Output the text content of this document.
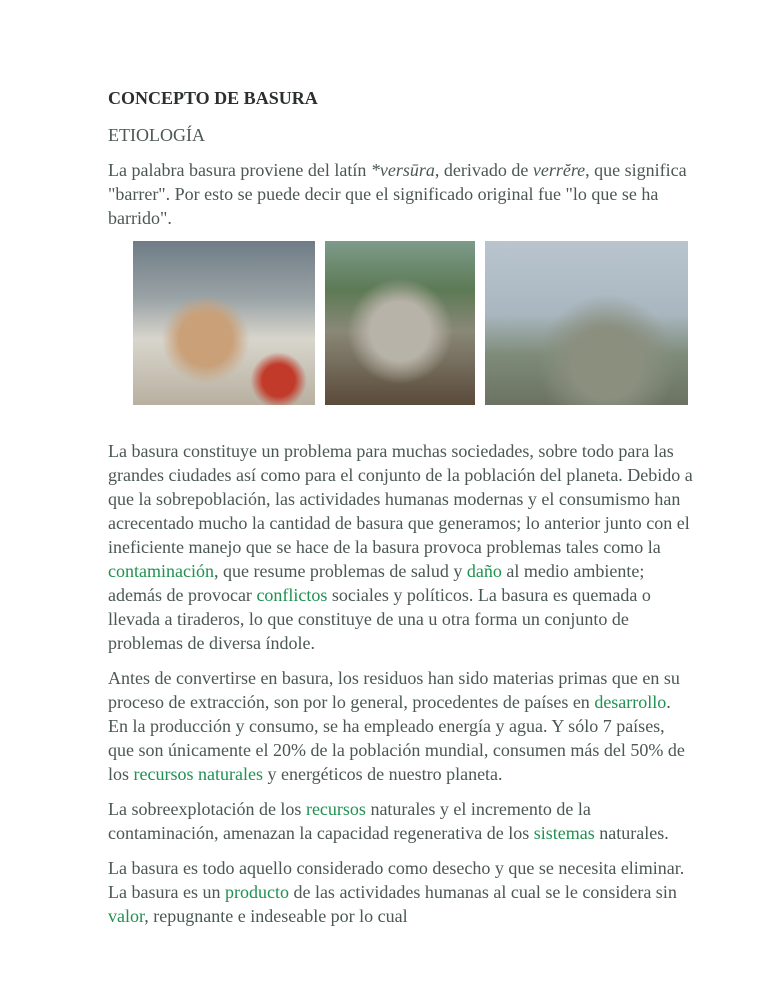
CONCEPTO DE BASURA
ETIOLOGÍA

La palabra basura proviene del latín *versūra, derivado de verrĕre, que significa "barrer". Por esto se puede decir que el significado original fue "lo que se ha barrido".

La basura constituye un problema para muchas sociedades, sobre todo para las grandes ciudades así como para el conjunto de la población del planeta. Debido a que la sobrepoblación, las actividades humanas modernas y el consumismo han acrecentado mucho la cantidad de basura que generamos; lo anterior junto con el ineficiente manejo que se hace de la basura provoca problemas tales como la contaminación, que resume problemas de salud y daño al medio ambiente; además de provocar conflictos sociales y políticos. La basura es quemada o llevada a tiraderos, lo que constituye de una u otra forma un conjunto de problemas de diversa índole.

Antes de convertirse en basura, los residuos han sido materias primas que en su proceso de extracción, son por lo general, procedentes de países en desarrollo. En la producción y consumo, se ha empleado energía y agua. Y sólo 7 países, que son únicamente el 20% de la población mundial, consumen más del 50% de los recursos naturales y energéticos de nuestro planeta.

La sobreexplotación de los recursos naturales y el incremento de la contaminación, amenazan la capacidad regenerativa de los sistemas naturales.

La basura es todo aquello considerado como desecho y que se necesita eliminar. La basura es un producto de las actividades humanas al cual se le considera sin valor, repugnante e indeseable por lo cual
